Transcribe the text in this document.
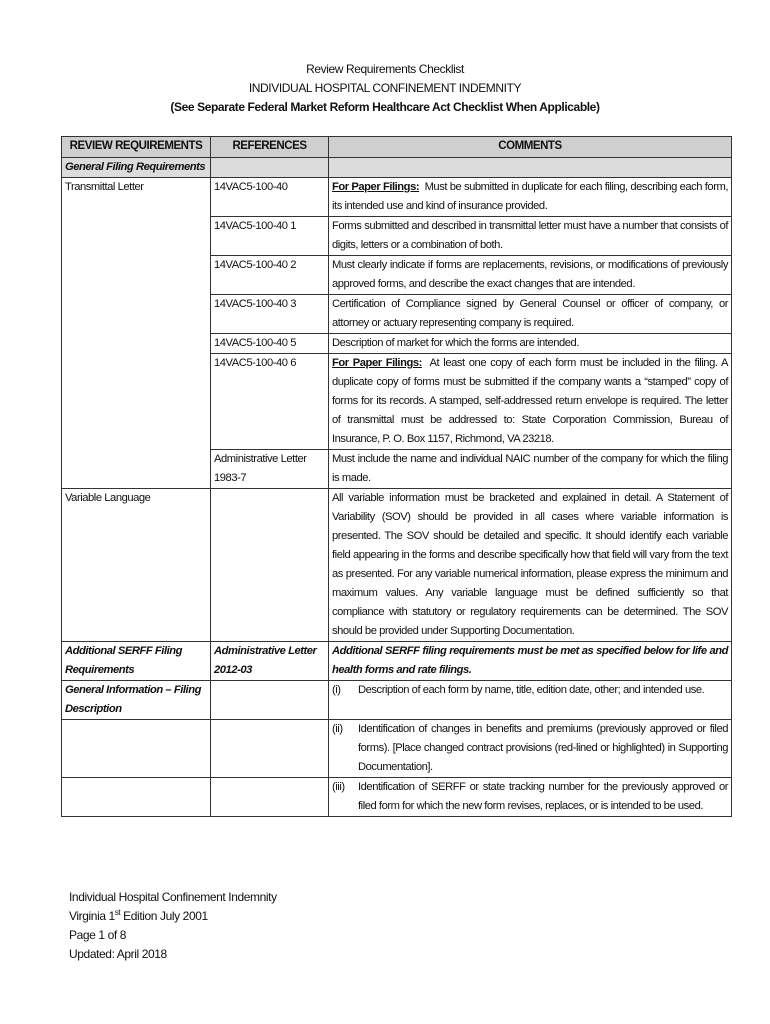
Review Requirements Checklist
INDIVIDUAL HOSPITAL CONFINEMENT INDEMNITY
(See Separate Federal Market Reform Healthcare Act Checklist When Applicable)
REVIEW REQUIREMENTS	REFERENCES	COMMENTS
General Filing Requirements		
Transmittal Letter	14VAC5-100-40	For Paper Filings: Must be submitted in duplicate for each filing, describing each form, its intended use and kind of insurance provided.
	14VAC5-100-40 1	Forms submitted and described in transmittal letter must have a number that consists of digits, letters or a combination of both.
	14VAC5-100-40 2	Must clearly indicate if forms are replacements, revisions, or modifications of previously approved forms, and describe the exact changes that are intended.
	14VAC5-100-40 3	Certification of Compliance signed by General Counsel or officer of company, or attorney or actuary representing company is required.
	14VAC5-100-40 5	Description of market for which the forms are intended.
	14VAC5-100-40 6	For Paper Filings: At least one copy of each form must be included in the filing. A duplicate copy of forms must be submitted if the company wants a “stamped” copy of forms for its records. A stamped, self-addressed return envelope is required. The letter of transmittal must be addressed to: State Corporation Commission, Bureau of Insurance, P. O. Box 1157, Richmond, VA 23218.
	Administrative Letter 1983-7	Must include the name and individual NAIC number of the company for which the filing is made.
Variable Language		All variable information must be bracketed and explained in detail. A Statement of Variability (SOV) should be provided in all cases where variable information is presented. The SOV should be detailed and specific. It should identify each variable field appearing in the forms and describe specifically how that field will vary from the text as presented. For any variable numerical information, please express the minimum and maximum values. Any variable language must be defined sufficiently so that compliance with statutory or regulatory requirements can be determined. The SOV should be provided under Supporting Documentation.
Additional SERFF Filing Requirements	Administrative Letter 2012-03	Additional SERFF filing requirements must be met as specified below for life and health forms and rate filings.
General Information – Filing Description		(i) Description of each form by name, title, edition date, other; and intended use.

		(ii) Identification of changes in benefits and premiums (previously approved or filed forms). [Place changed contract provisions (red-lined or highlighted) in Supporting Documentation].

		(iii) Identification of SERFF or state tracking number for the previously approved or filed form for which the new form revises, replaces, or is intended to be used.
Individual Hospital Confinement Indemnity
Virginia 1st Edition July 2001
Page 1 of 8
Updated: April 2018
